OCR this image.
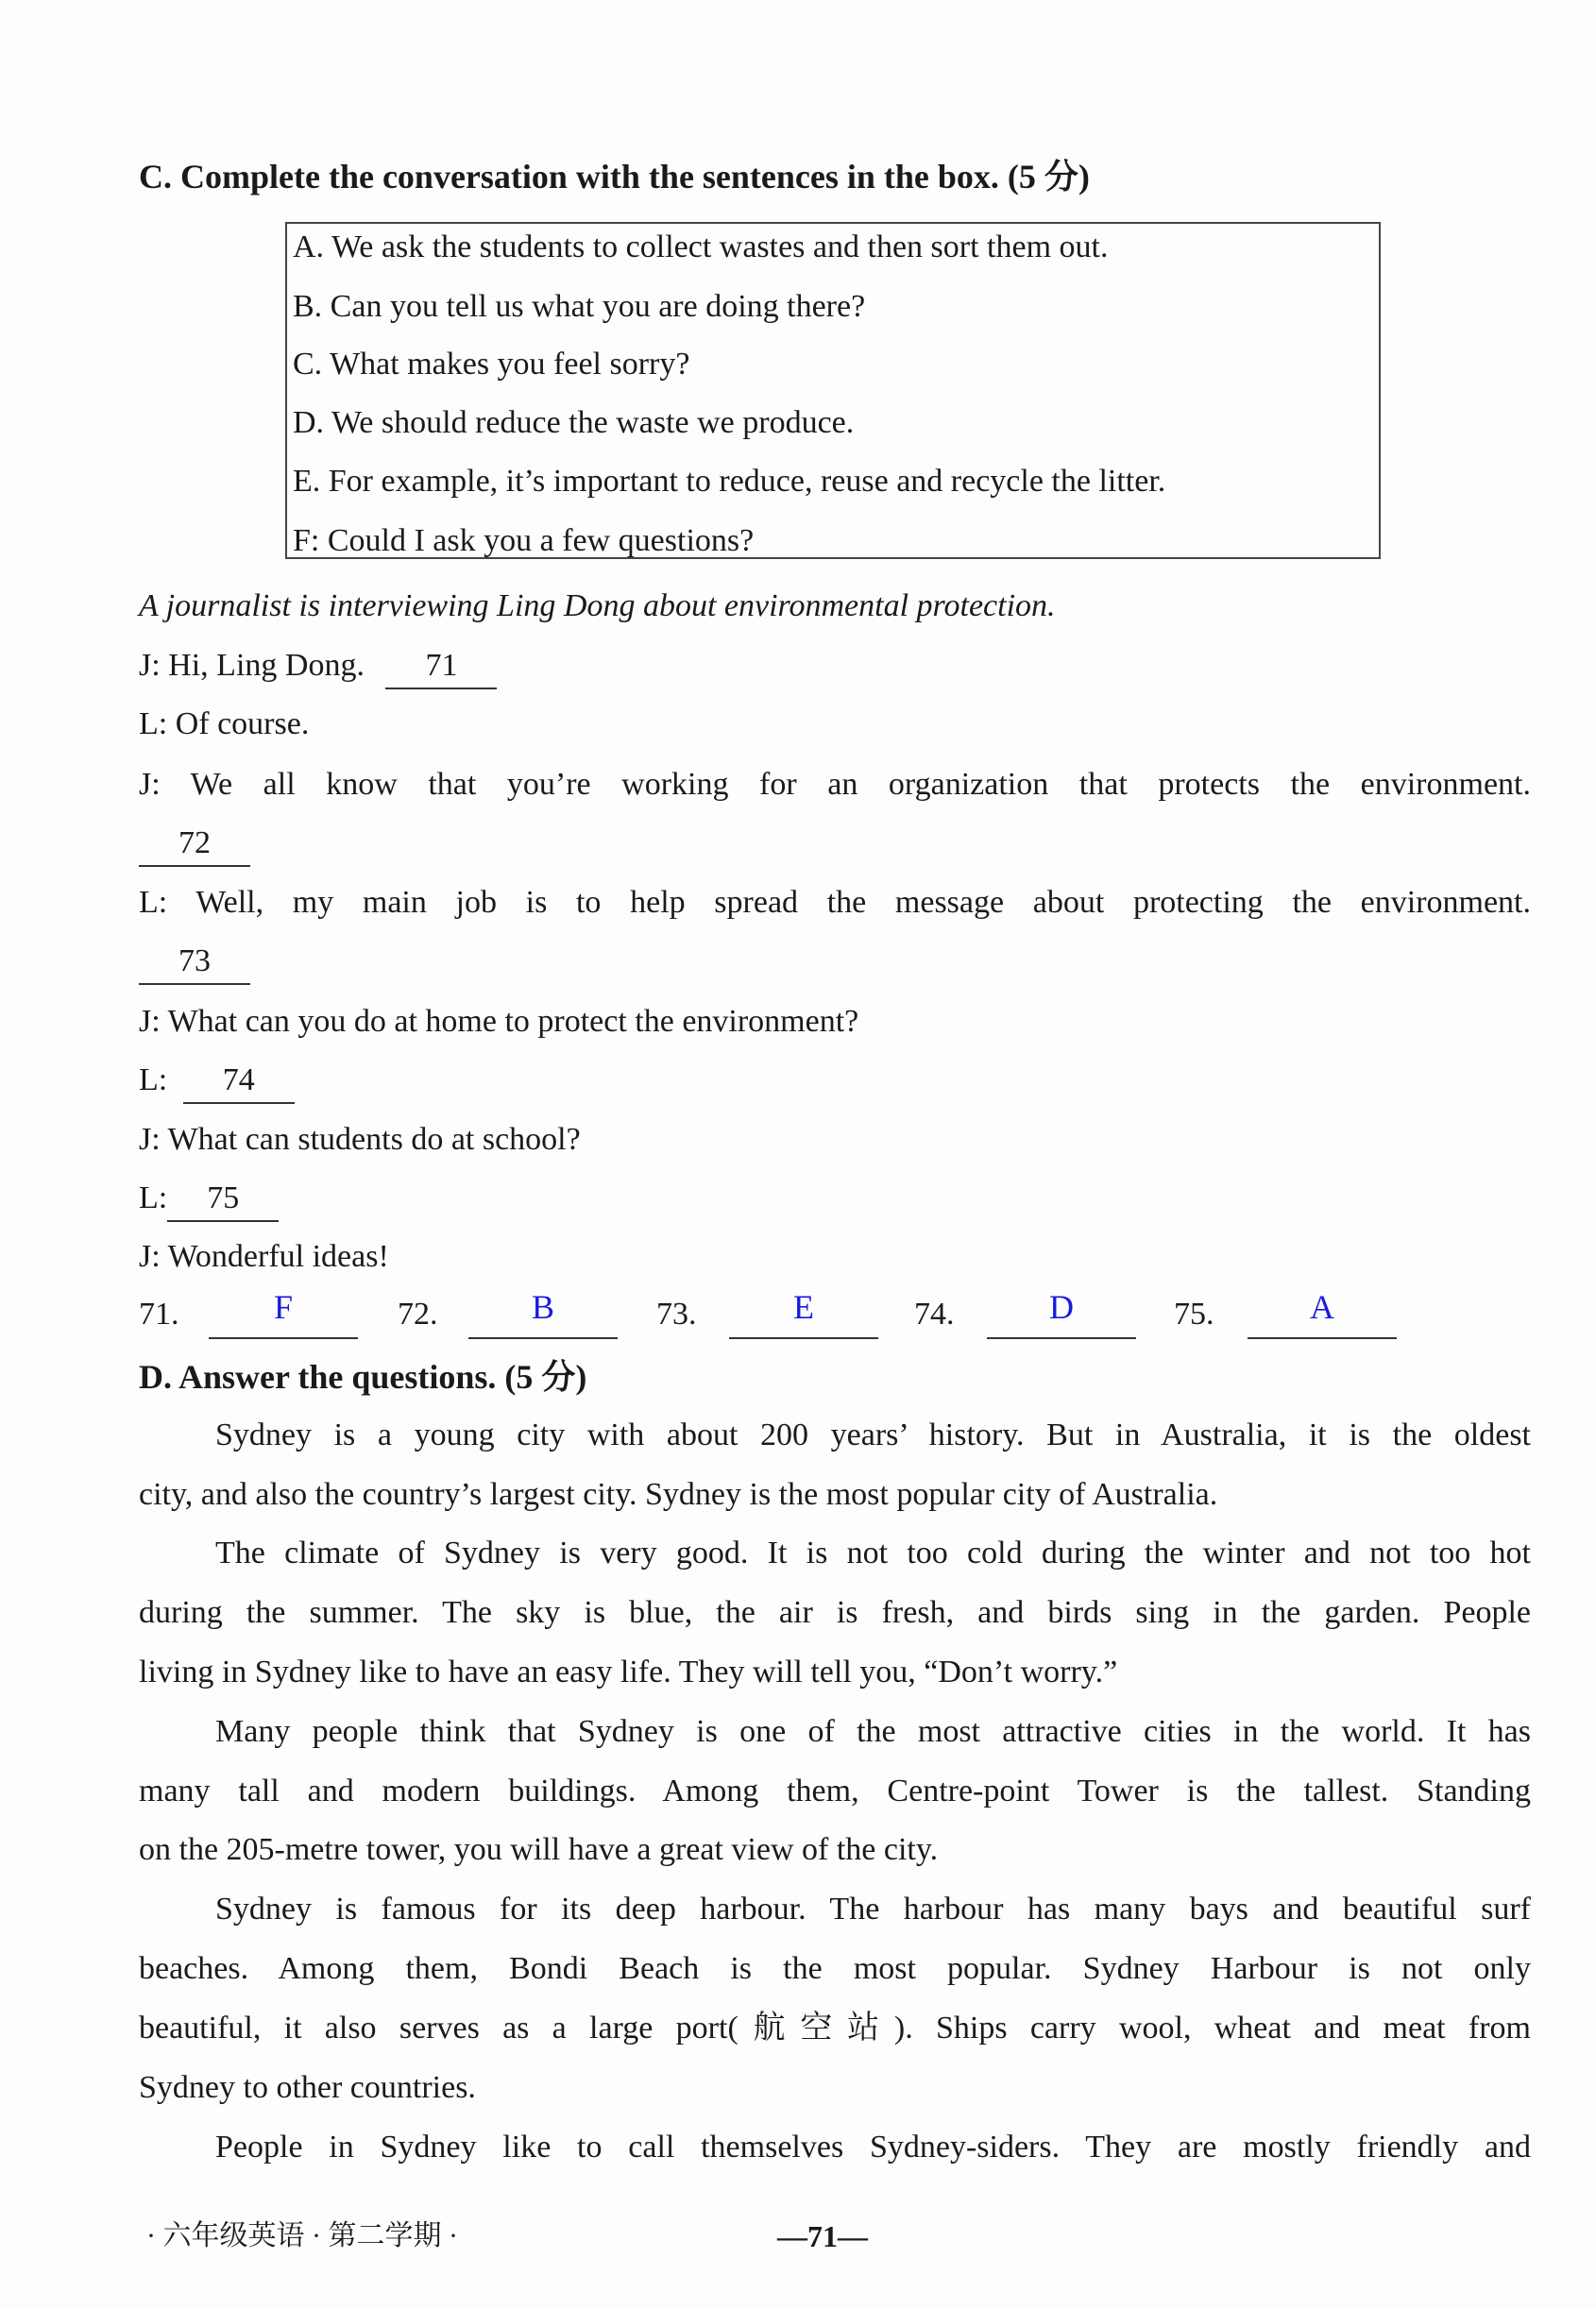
C. Complete the conversation with the sentences in the box. (5 分)
A. We ask the students to collect wastes and then sort them out.
B. Can you tell us what you are doing there?
C. What makes you feel sorry?
D. We should reduce the waste we produce.
E. For example, it’s important to reduce, reuse and recycle the litter.
F: Could I ask you a few questions?
A journalist is interviewing Ling Dong about environmental protection.
J: Hi, Ling Dong. 71
L: Of course.
J: We all know that you’re working for an organization that protects the environment.
72
L: Well, my main job is to help spread the message about protecting the environment.
73
J: What can you do at home to protect the environment?
L: 74
J: What can students do at school?
L: 75
J: Wonderful ideas!
71.	F	72.	B	73.	E	74.	D	75.	A
D. Answer the questions. (5 分)
Sydney is a young city with about 200 years’ history. But in Australia, it is the oldest
city, and also the country’s largest city. Sydney is the most popular city of Australia.
The climate of Sydney is very good. It is not too cold during the winter and not too hot
during the summer. The sky is blue, the air is fresh, and birds sing in the garden. People
living in Sydney like to have an easy life. They will tell you, “Don’t worry.”
Many people think that Sydney is one of the most attractive cities in the world. It has
many tall and modern buildings. Among them, Centre-point Tower is the tallest. Standing
on the 205-metre tower, you will have a great view of the city.
Sydney is famous for its deep harbour. The harbour has many bays and beautiful surf
beaches. Among them, Bondi Beach is the most popular. Sydney Harbour is not only
beautiful, it also serves as a large port(航空站). Ships carry wool, wheat and meat from
Sydney to other countries.
People in Sydney like to call themselves Sydney-siders. They are mostly friendly and
· 六年级英语 · 第二学期 ·	—71—
